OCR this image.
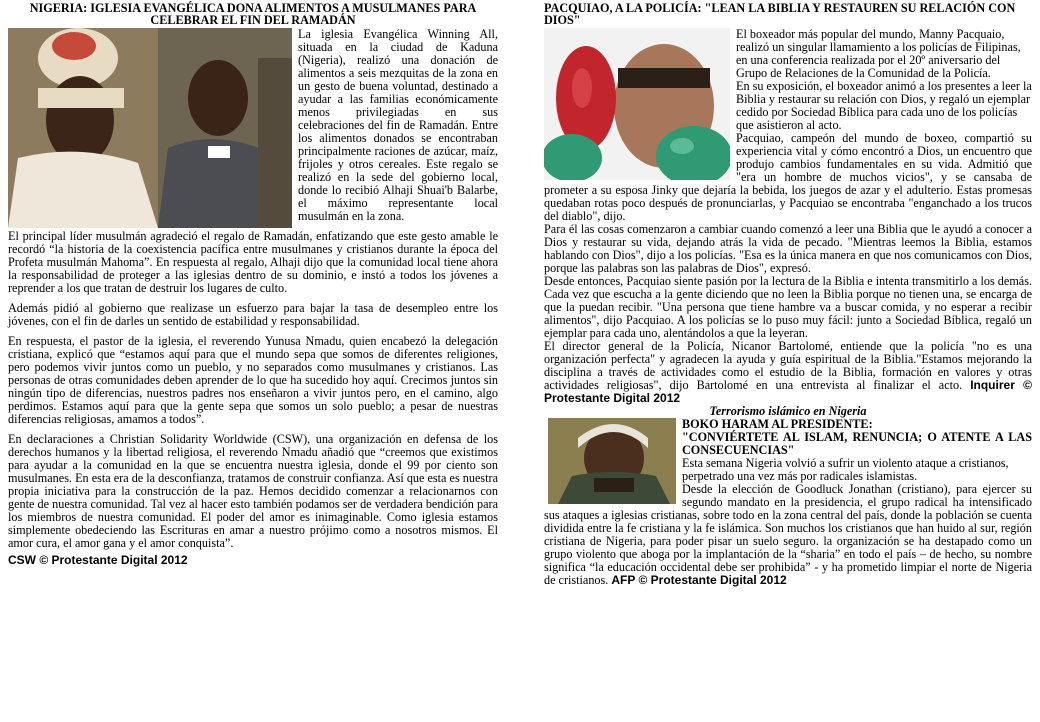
NIGERIA: IGLESIA EVANGÉLICA DONA ALIMENTOS A MUSULMANES PARA CELEBRAR EL FIN DEL RAMADÁN

La iglesia Evangélica Winning All, situada en la ciudad de Kaduna (Nigeria), realizó una donación de alimentos a seis mezquitas de la zona en un gesto de buena voluntad, destinado a ayudar a las familias económicamente menos privilegiadas en sus celebraciones del fin de Ramadán. Entre los alimentos donados se encontraban principalmente raciones de azúcar, maíz, frijoles y otros cereales. Este regalo se realizó en la sede del gobierno local, donde lo recibió Alhaji Shuai'b Balarbe, el máximo representante local musulmán en la zona.

El principal líder musulmán agradeció el regalo de Ramadán, enfatizando que este gesto amable le recordó “la historia de la coexistencia pacífica entre musulmanes y cristianos durante la época del Profeta musulmán Mahoma”. En respuesta al regalo, Alhaji dijo que la comunidad local tiene ahora la responsabilidad de proteger a las iglesias dentro de su dominio, e instó a todos los jóvenes a reprender a los que tratan de destruir los lugares de culto.

Además pidió al gobierno que realizase un esfuerzo para bajar la tasa de desempleo entre los jóvenes, con el fin de darles un sentido de estabilidad y responsabilidad.

En respuesta, el pastor de la iglesia, el reverendo Yunusa Nmadu, quien encabezó la delegación cristiana, explicó que “estamos aquí para que el mundo sepa que somos de diferentes religiones, pero podemos vivir juntos como un pueblo, y no separados como musulmanes y cristianos. Las personas de otras comunidades deben aprender de lo que ha sucedido hoy aquí. Crecimos juntos sin ningún tipo de diferencias, nuestros padres nos enseñaron a vivir juntos pero, en el camino, algo perdimos. Estamos aquí para que la gente sepa que somos un solo pueblo; a pesar de nuestras diferencias religiosas, amamos a todos”.

En declaraciones a Christian Solidarity Worldwide (CSW), una organización en defensa de los derechos humanos y la libertad religiosa, el reverendo Nmadu añadió que “creemos que existimos para ayudar a la comunidad en la que se encuentra nuestra iglesia, donde el 99 por ciento son musulmanes. En esta era de la desconfianza, tratamos de construir confianza. Así que esta es nuestra propia iniciativa para la construcción de la paz. Hemos decidido comenzar a relacionarnos con gente de nuestra comunidad. Tal vez al hacer esto también podamos ser de verdadera bendición para los miembros de nuestra comunidad. El poder del amor es inimaginable. Como iglesia estamos simplemente obedeciendo las Escrituras en amar a nuestro prójimo como a nosotros mismos. El amor cura, el amor gana y el amor conquista”.

CSW © Protestante Digital 2012
PACQUIAO, A LA POLICÍA: "LEAN LA BIBLIA Y RESTAUREN SU RELACIÓN CON DIOS"

El boxeador más popular del mundo, Manny Pacquaio, realizó un singular llamamiento a los policías de Filipinas, en una conferencia realizada por el 20º aniversario del Grupo de Relaciones de la Comunidad de la Policía.

En su exposición, el boxeador animó a los presentes a leer la Biblia y restaurar su relación con Dios, y regaló un ejemplar cedido por Sociedad Bíblica para cada uno de los policías que asistieron al acto.

Pacquiao, campeón del mundo de boxeo, compartió su experiencia vital y cómo encontró a Dios, un encuentro que produjo cambios fundamentales en su vida. Admitió que "era un hombre de muchos vicios", y se cansaba de prometer a su esposa Jinky que dejaría la bebida, los juegos de azar y el adulterio. Estas promesas quedaban rotas poco después de pronunciarlas, y Pacquiao se encontraba "enganchado a los trucos del diablo", dijo.

Para él las cosas comenzaron a cambiar cuando comenzó a leer una Biblia que le ayudó a conocer a Dios y restaurar su vida, dejando atrás la vida de pecado. "Mientras leemos la Biblia, estamos hablando con Dios", dijo a los policías. "Esa es la única manera en que nos comunicamos con Dios, porque las palabras son las palabras de Dios", expresó.

Desde entonces, Pacquiao siente pasión por la lectura de la Biblia e intenta transmitirlo a los demás. Cada vez que escucha a la gente diciendo que no leen la Biblia porque no tienen una, se encarga de que la puedan recibir. "Una persona que tiene hambre va a buscar comida, y no esperar a recibir alimentos", dijo Pacquiao. A los policías se lo puso muy fácil: junto a Sociedad Bíblica, regaló un ejemplar para cada uno, alentándolos a que la leyeran.

El director general de la Policía, Nicanor Bartolomé, entiende que la policía "no es una organización perfecta" y agradecen la ayuda y guía espiritual de la Biblia."Estamos mejorando la disciplina a través de actividades como el estudio de la Biblia, formación en valores y otras actividades religiosas", dijo Bartolomé en una entrevista al finalizar el acto. Inquirer © Protestante Digital 2012

Terrorismo islámico en Nigeria
BOKO HARAM AL PRESIDENTE:
"CONVIÉRTETE AL ISLAM, RENUNCIA; O ATENTE A LAS CONSECUENCIAS"

Esta semana Nigeria volvió a sufrir un violento ataque a cristianos, perpetrado una vez más por radicales islamistas.

Desde la elección de Goodluck Jonathan (cristiano), para ejercer su segundo mandato en la presidencia, el grupo radical ha intensificado sus ataques a iglesias cristianas, sobre todo en la zona central del país, donde la población se cuenta dividida entre la fe cristiana y la fe islámica. Son muchos los cristianos que han huido al sur, región cristiana de Nigeria, para poder pisar un suelo seguro. la organización se ha destapado como un grupo violento que aboga por la implantación de la “sharia” en todo el país – de hecho, su nombre significa “la educación occidental debe ser prohibida” - y ha prometido limpiar el norte de Nigeria de cristianos. AFP © Protestante Digital 2012
